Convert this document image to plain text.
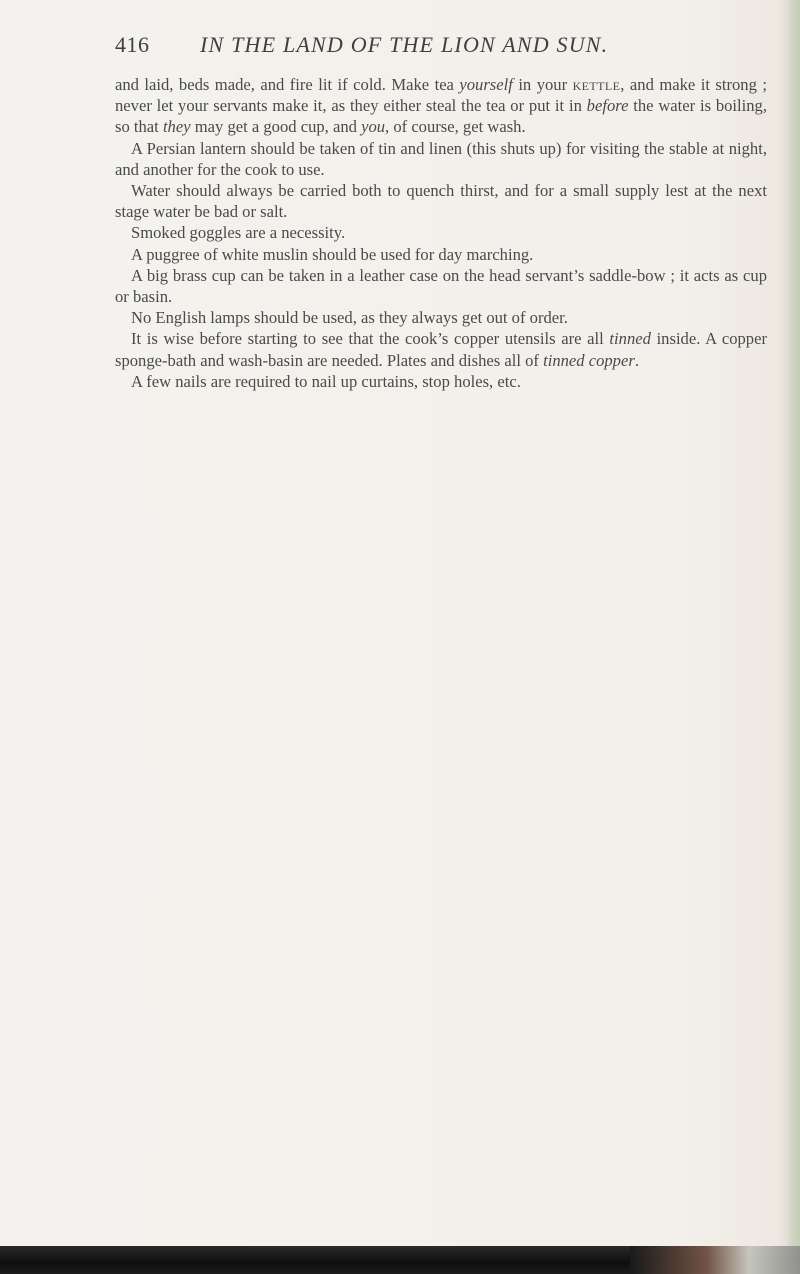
416 IN THE LAND OF THE LION AND SUN.

and laid, beds made, and fire lit if cold. Make tea yourself in your kettle, and make it strong ; never let your servants make it, as they either steal the tea or put it in before the water is boiling, so that they may get a good cup, and you, of course, get wash.

A Persian lantern should be taken of tin and linen (this shuts up) for visiting the stable at night, and another for the cook to use.

Water should always be carried both to quench thirst, and for a small supply lest at the next stage water be bad or salt.

Smoked goggles are a necessity.

A puggree of white muslin should be used for day marching.

A big brass cup can be taken in a leather case on the head servant’s saddle-bow ; it acts as cup or basin.

No English lamps should be used, as they always get out of order.

It is wise before starting to see that the cook’s copper utensils are all tinned inside. A copper sponge-bath and wash-basin are needed. Plates and dishes all of tinned copper.

A few nails are required to nail up curtains, stop holes, etc.
